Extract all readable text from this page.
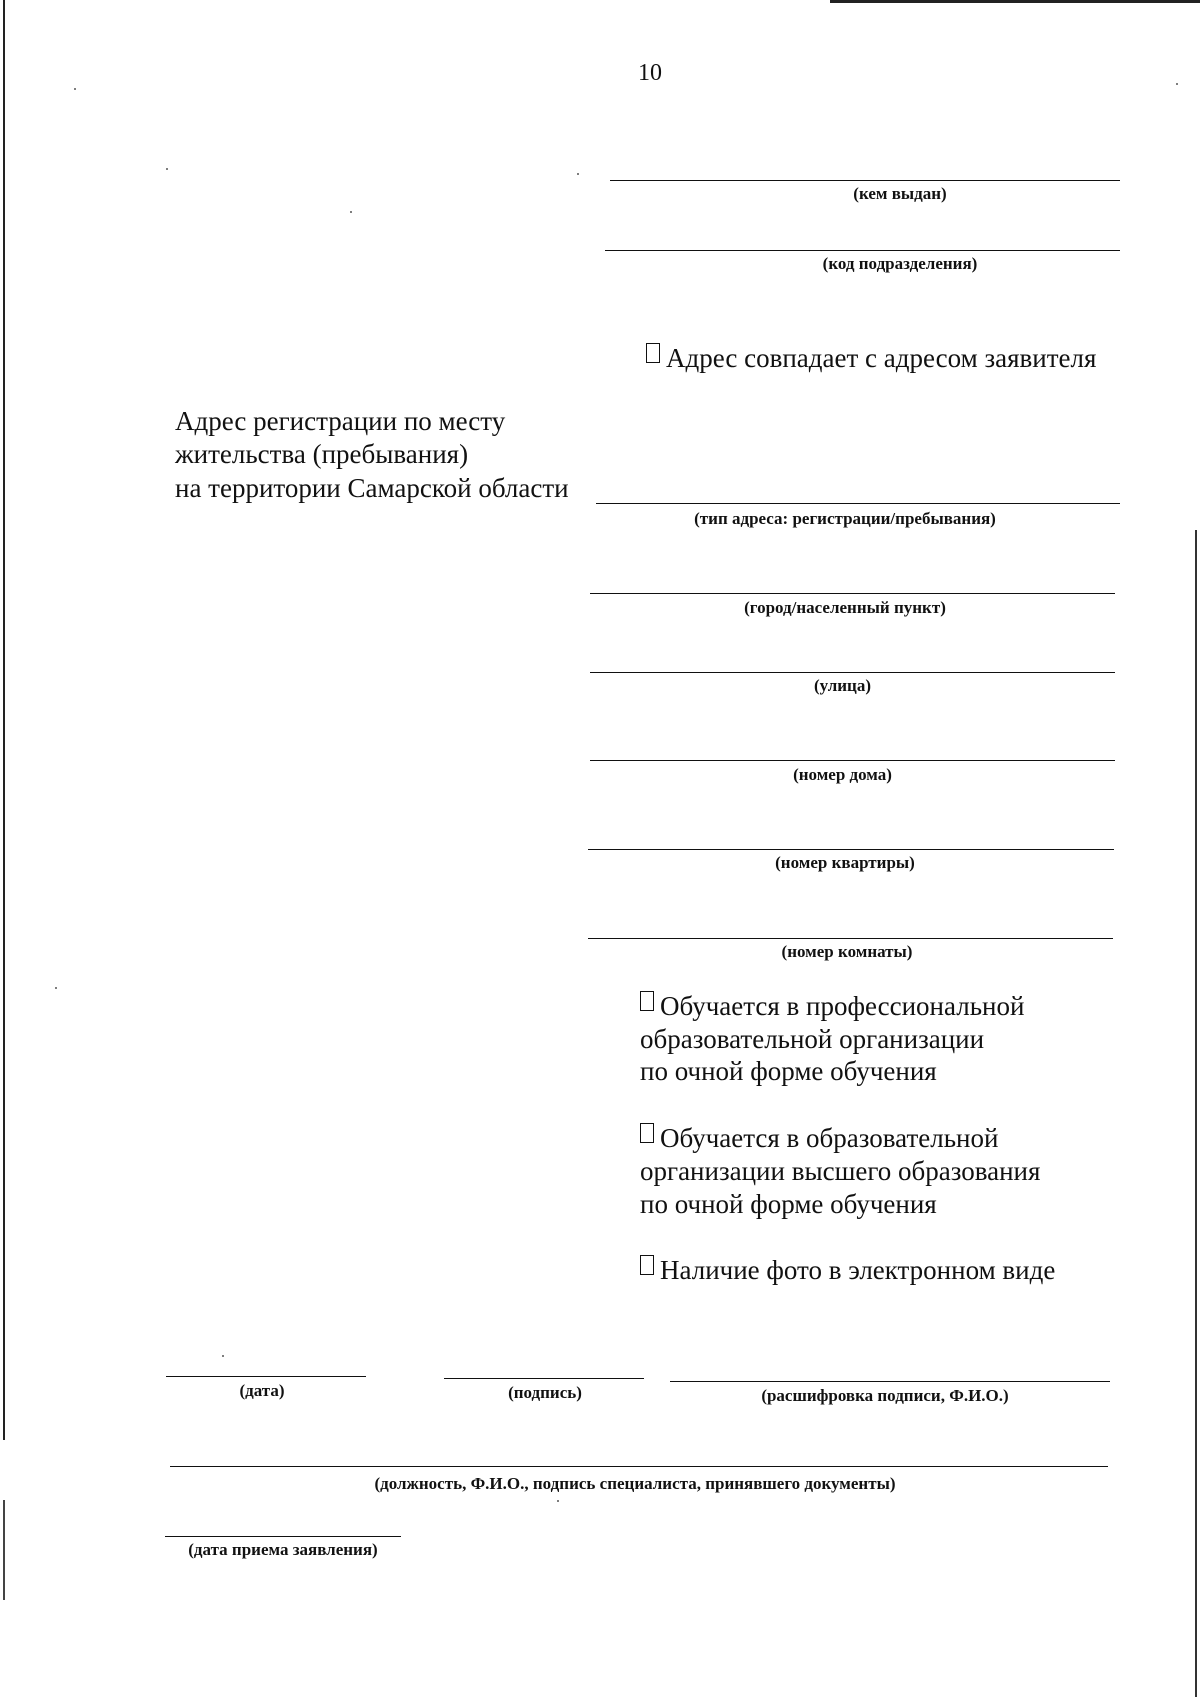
10
(кем выдан)
(код подразделения)
Адрес совпадает с адресом заявителя
Адрес регистрации по месту
жительства (пребывания)
на территории Самарской области
(тип адреса: регистрации/пребывания)
(город/населенный пункт)
(улица)
(номер дома)
(номер квартиры)
(номер комнаты)
Обучается в профессиональной
образовательной организации
по очной форме обучения
Обучается в образовательной
организации высшего образования
по очной форме обучения
Наличие фото в электронном виде
(дата)	(подпись)	(расшифровка подписи, Ф.И.О.)
(должность, Ф.И.О., подпись специалиста, принявшего документы)
(дата приема заявления)
